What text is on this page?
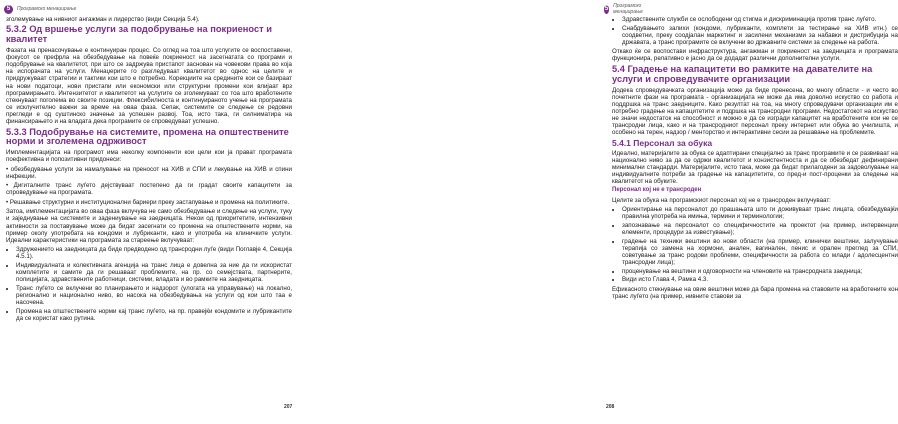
5	Програмско менаџирање

зголемување на нивниот ангажман и лидерство (види Секција 5.4).

5.3.2 Од вршење услуги за подобрување на покриеност и квалитет

Фазата на пренасочување е континуиран процес. Со оглед на тоа што услугите се воспоставени, фокусот се префрла на обезбедување на повеќе покриеност на засегнатата со програми и подобрување на квалитетот, при што се задржува пристапот заснован на човекови права во која на испорачата на услуги. Менаџерите го разгледуваат квалитетот во однос на целите и придружуваат стратегии и тактики кои што е потребно. Корекциите на средините кои се базираат на нови податоци, нови пристапи или економски или структурни промени кои влијаат врз програмирањето. Интензитетот и квалитетот на услугите се зголемуваат со тоа што вработените стекнуваат поголема во своите позиции. Флексибилноста и континуираното учење на програмата се исклучително важни за време на оваа фаза. Сепак, системите се следење се редовни прегледи е од суштинско значење за успешен развој. Тоа, исто така, ги силниматира на финансирањето и на владата дека програмите се спроведуваат успешно.

5.3.3 Подобрување на системите, промена на општествените норми и зголемена одрживост

Имплементацијата на програмот има неколку компоненти кои цели кои ја прават програмата поефективна и попозитивни придонеси:

• обезбедување услуги за намалување на преносот на ХИВ и СПИ и лекување на ХИВ и спини инфекции.

• Дигиталните транс луѓето дејствуваат постепено да ги градат своите капацитети за спроведување на програмата.

• Решавање структурни и институционални бариери преку застапување и промена на политиките.

Затоа, имплементацијата во оваа фаза вклучува не само обезбедување и следење на услуги, туку и заједнување на системите и задениување на заедницата. Некои од приоритетите, интензивни активности за поставување може да бидат засегнати со промена на општествените норми, на пример околу употребата на кондоми и лубриканти, како и употреба на клиничките услуги. Идеални карактеристики на програмата за стареење вклучуваат:

• Здружението на заедницата да биде предводено од трансродни луѓе (види Поглавје 4, Секција 4.5.1).
• Индивидуалната и колективната агенција на транс лица е довелна за ние да ги искористат комплетите и самите да ги решаваат проблемите, на пр. со семејствата, партнерите, полицијата, здравствените работници, системи, владата и во рамките на заедницата.
• Транс луѓето се вклучени во планирањето и надзорот (улогата на управување) на локално, регионално и национално ниво, во насока на обезбедувања на услуги од кои што таа е насочена.
• Промена на општествените норми кај транс луѓето, на пр. правејќи кондомите и лубрикантите да се користат како рутина.
207
5 Програмско менаџирање
• Здравствените служби се ослободени од стигма и дискриминација против транс луѓето.
• Снабдувањето залихи (кондоми, лубриканти, комплети за тестирање на ХИВ итн.) се соодветни, преку соодјалан маркетинг и засилени механизми за набавки и дистрибуција на државата, а транс програмите се вклучени во државните системи за следење на работа.

Откако ќе се воспостави инфраструктура, ангажман и покриеност на заедницата и програмата функционира, релативно е јасно да се додадат различни дополнителни услуги.

5.4 Градење на капацитети во рамките на давателите на услуги и спроведувачите организации

Додека спроведувачката организација може да биде пренесена, во многу области - и често во почетните фази на програмата - организацијата не може да има доволно искуство со работа и поддршка на транс заедниците. Како резултат на тоа, на многу спроведувачи организации им е потребно градење на капацитетите и подршка на трансродни програми. Недостатокот на искуство не значи недостаток на способност и можно е да се изгради капацитет на вработените кои не се трансродни лица, како и на трансродниот персонал преку интернет или обука во училиштa, и особено на терен, надзор / менторство и интерактивни сесии за решавање на проблемите.

5.4.1 Персонал за обука

Идеално, материјалите за обука се адаптирани специјално за транс програмите и се развиваат на национално ниво за да се одржи квалитетот и конзистентноста и да се обезбедат дефинирани минимални стандарди. Материјалите, исто така, може да бидат прилагодени за задоволување на индивидуалните потреби за градење на капацитетите, со пред-и пост-проценки за следење на квалитетот на обуките.

Персонал кој не е трансроден

Целите за обука на програмскиот персонал кој не е трансроден вклучуваат:

• Ориентирање на персоналот до прашањата што ги доживуваат транс лицата, обезбедувајќи правилна употреба на имиња, термини и терминологии;
• запознавање на персоналот со специфичностите на проектот (на пример, интервенции елементи, процедури за известување);
• градење на техники вештини во нови области (на пример, клинички вештини, залучување терапија со замена на хормони, анален, вагинален, пенис и орален преглед за СПИ, советување за транс родови проблеми, специфичности за работа со млади / адолесцентни трансродни лица);
• проценување на вештини и одговорности на членовите на трансродната заедница;
• Види исто Глава 4, Рамка 4.3.

Ефикасното стекнување на овие вештини може да бара промена на ставовите на вработените кон транс луѓето (на пример, нивните ставови за

208
